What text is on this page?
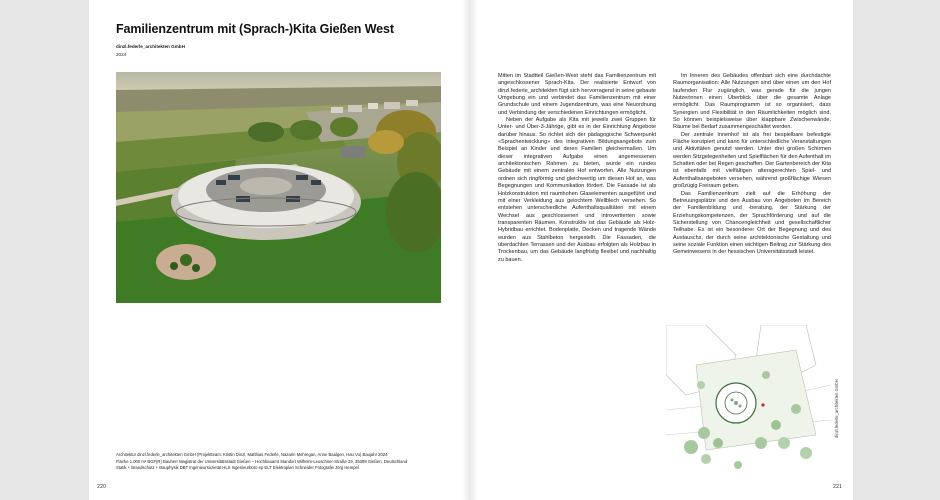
Familienzentrum mit (Sprach-)Kita Gießen West
dinzl.federle_architekten GmbH
2024

Mitten im Stadtteil Gießen-West steht das Familienzentrum mit angeschlossener Sprach-Kita. Der realisierte Entwurf von dinzl.federle_architekten fügt sich hervorragend in seine gebaute Umgebung ein und verbindet das Familienzentrum mit einer Grundschule und einem Jugendzentrum, was eine Neuordnung und Verbindung der verschiedenen Einrichtungen ermöglicht.

Neben der Aufgabe als Kita mit jeweils zwei Gruppen für Unter- und Über-3-Jährige, gibt es in der Einrichtung Angebote darüber hinaus. So richtet sich der pädagogische Schwerpunkt «Sprachentwicklung» des integrativen Bildungsangebots zum Beispiel an Kinder und deren Familien gleichermaßen. Um dieser integrativen Aufgabe einen angemessenen architektonischen Rahmen zu bieten, wurde ein rundes Gebäude mit einem zentralen Hof entworfen. Alle Nutzungen ordnen sich ringförmig und gleichwertig um diesen Hof an, was Begegnungen und Kommunikation fördert. Die Fassade ist als Holzkonstruktion mit raumhohen Glaselementen ausgeführt und mit einer Verkleidung aus gelochtem Wellblech versehen. So entstehen unterschiedliche Aufenthaltsqualitäten mit einem Wechsel aus geschlossenen und introvertierten sowie transparenten Räumen. Konstruktiv ist das Gebäude als Holz-Hybridbau errichtet. Bodenplatte, Decken und tragende Wände wurden aus Stahlbeton hergestellt. Die Fassaden, die überdachten Terrassen und der Ausbau erfolgten als Holzbau in Trockenbau, um das Gebäude langfristig flexibel und nachhaltig zu bauen.

Im Inneren des Gebäudes offenbart sich eine durchdachte Raumorganisation: Alle Nutzungen sind über einen um den Hof laufenden Flur zugänglich, was gerade für die jungen Nutzerinnen einen Überblick über die gesamte Anlage ermöglicht. Das Raumprogramm ist so organisiert, dass Synergien und Flexibilität in den Räumlichkeiten möglich sind. So können beispielsweise über klappbare Zwischenwände, Räume bei Bedarf zusammengeschaltet werden.

Der zentrale Innenhof ist als frei bespielbare befestigte Fläche konzipiert und kann für unterschiedliche Veranstaltungen und Aktivitäten genutzt werden. Unter drei großen Schirmen werden Sitzgelegenheiten und Spielflächen für den Aufenthalt im Schatten oder bei Regen geschaffen. Der Gartenbereich der Kita ist ebenfalls mit vielfältigen altersgerechten Spiel- und Aufenthaltsangeboten versehen, während großflächige Wiesen großzügig Freiraum geben.

Das Familienzentrum zielt auf die Erhöhung der Betreuungsplätze und den Ausbau von Angeboten im Bereich der Familienbildung und -beratung, der Stärkung der Erziehungskompetenzen, der Sprachförderung und auf die Sicherstellung von Chancengleichheit und gesellschaftlicher Teilhabe. Es ist ein besonderer Ort der Begegnung und des Austauschs, der durch seine architektonische Gestaltung und seine soziale Funktion einen wichtigen Beitrag zur Stärkung des Gemeinwesens in der hessischen Universitätsstadt leistet.

dinzl.federle_architekten GmbH
Architektur dinzl.federle_architekten GmbH (Projektteam: Kristin Dinzl, Matthias Federle, Nazarin Mehregan, Anne Baalgen, Hau Vu) Baujahr 2024
Fläche 1.000 m² BGF(R) Bauherr Magistrat der Universitätsstadt Gießen – Hochbauamt Standort Wilhelm-Leuschner-Straße 29, 35398 Gießen, Deutschland
Statik + Brandschutz + Bauphysik DBT Ingenieursozietät HLS Ingenieurbüro ep ELT Elektroplan Schneider Fotografie Jörg Hempel
220	221
